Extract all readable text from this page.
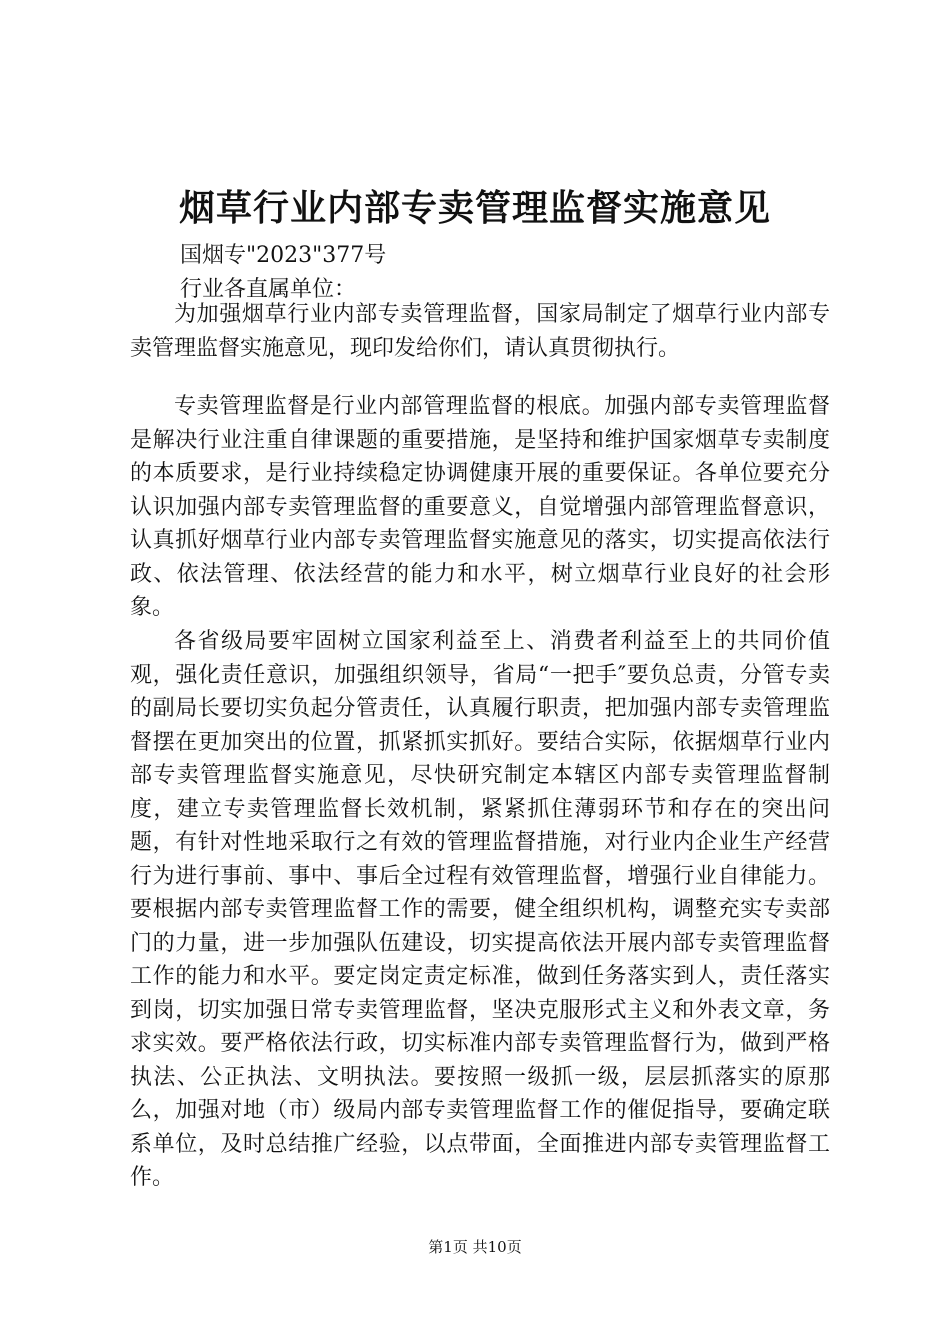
烟草行业内部专卖管理监督实施意见
国烟专"2023"377号
行业各直属单位：

为加强烟草行业内部专卖管理监督，国家局制定了烟草行业内部专卖管理监督实施意见，现印发给你们，请认真贯彻执行。

专卖管理监督是行业内部管理监督的根底。加强内部专卖管理监督是解决行业注重自律课题的重要措施，是坚持和维护国家烟草专卖制度的本质要求，是行业持续稳定协调健康开展的重要保证。各单位要充分认识加强内部专卖管理监督的重要意义，自觉增强内部管理监督意识，认真抓好烟草行业内部专卖管理监督实施意见的落实，切实提高依法行政、依法管理、依法经营的能力和水平，树立烟草行业良好的社会形象。

各省级局要牢固树立国家利益至上、消费者利益至上的共同价值观，强化责任意识，加强组织领导，省局“一把手″要负总责，分管专卖的副局长要切实负起分管责任，认真履行职责，把加强内部专卖管理监督摆在更加突出的位置，抓紧抓实抓好。要结合实际，依据烟草行业内部专卖管理监督实施意见，尽快研究制定本辖区内部专卖管理监督制度，建立专卖管理监督长效机制，紧紧抓住薄弱环节和存在的突出问题，有针对性地采取行之有效的管理监督措施，对行业内企业生产经营行为进行事前、事中、事后全过程有效管理监督，增强行业自律能力。要根据内部专卖管理监督工作的需要，健全组织机构，调整充实专卖部门的力量，进一步加强队伍建设，切实提高依法开展内部专卖管理监督工作的能力和水平。要定岗定责定标准，做到任务落实到人，责任落实到岗，切实加强日常专卖管理监督，坚决克服形式主义和外表文章，务求实效。要严格依法行政，切实标准内部专卖管理监督行为，做到严格执法、公正执法、文明执法。要按照一级抓一级，层层抓落实的原那么，加强对地（市）级局内部专卖管理监督工作的催促指导，要确定联系单位，及时总结推广经验，以点带面，全面推进内部专卖管理监督工作。

第1页 共10页
